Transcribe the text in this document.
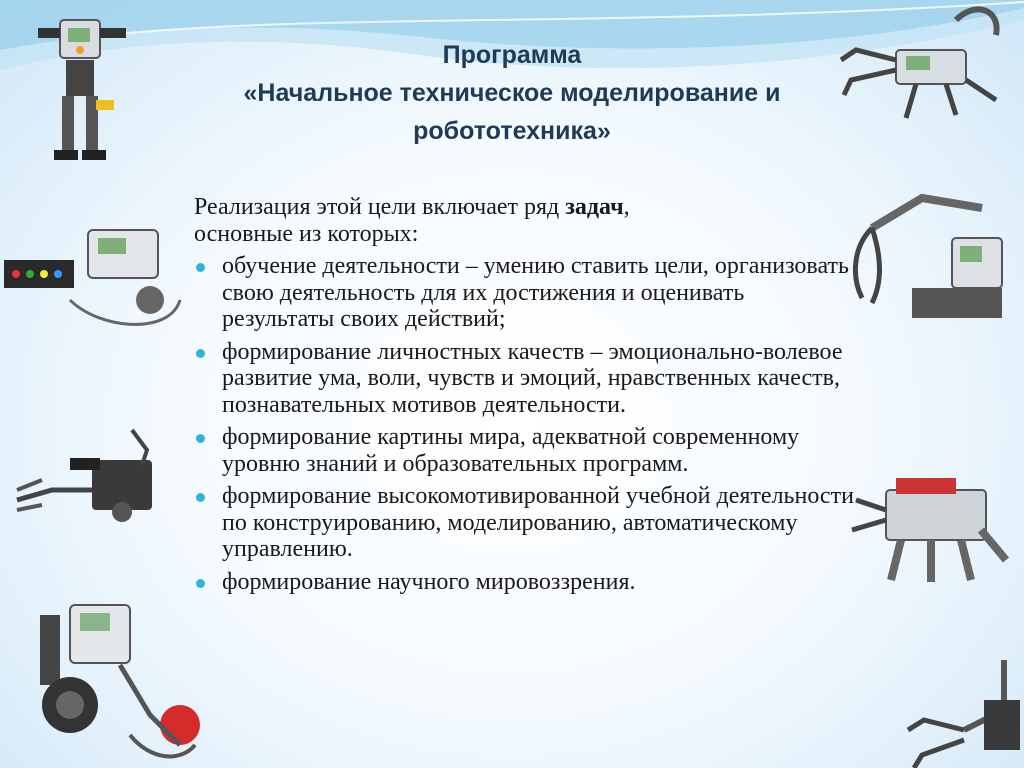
Программа
«Начальное техническое моделирование и
робототехника»
Реализация этой цели включает ряд задач,
основные из которых:
обучение деятельности – умению ставить цели, организовать свою деятельность для их достижения и оценивать результаты своих действий;
формирование личностных качеств – эмоционально-волевое развитие ума, воли, чувств и эмоций, нравственных качеств, познавательных мотивов деятельности.
формирование картины мира, адекватной современному уровню знаний и образовательных программ.
формирование высокомотивированной учебной деятельности по конструированию, моделированию, автоматическому управлению.
формирование научного мировоззрения.
